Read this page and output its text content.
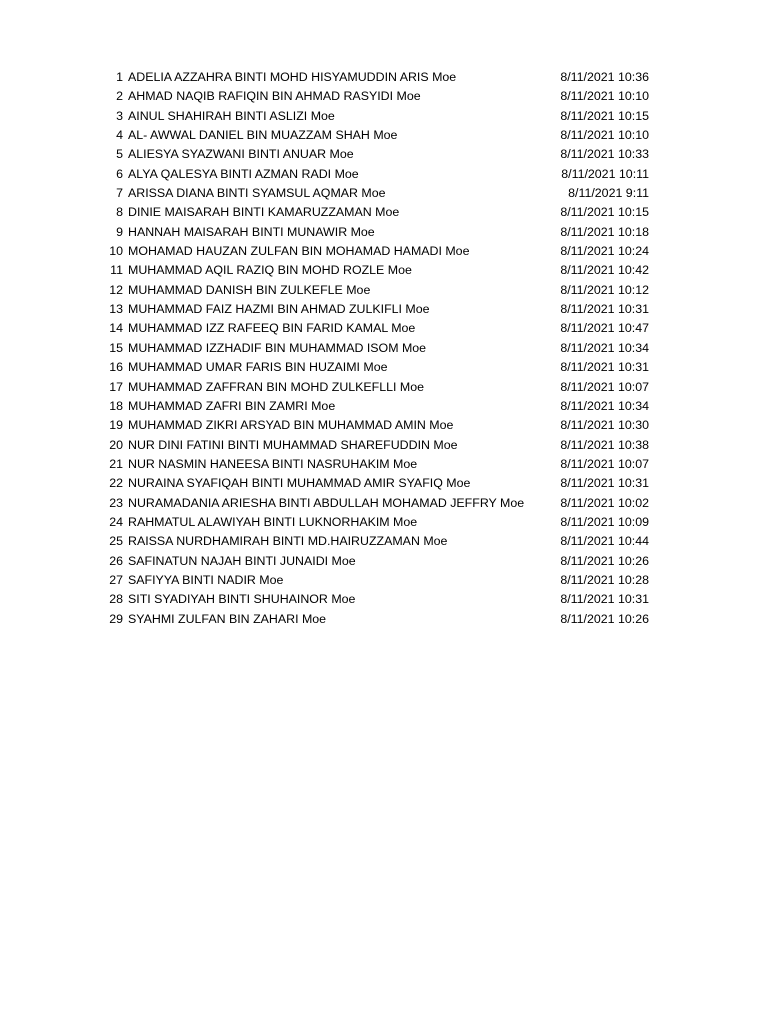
1 ADELIA AZZAHRA BINTI MOHD HISYAMUDDIN ARIS Moe	8/11/2021 10:36
2 AHMAD NAQIB RAFIQIN BIN AHMAD RASYIDI Moe	8/11/2021 10:10
3 AINUL SHAHIRAH BINTI ASLIZI Moe	8/11/2021 10:15
4 AL- AWWAL DANIEL BIN MUAZZAM SHAH Moe	8/11/2021 10:10
5 ALIESYA SYAZWANI BINTI ANUAR Moe	8/11/2021 10:33
6 ALYA QALESYA BINTI AZMAN RADI Moe	8/11/2021 10:11
7 ARISSA DIANA BINTI SYAMSUL AQMAR Moe	8/11/2021 9:11
8 DINIE MAISARAH BINTI KAMARUZZAMAN Moe	8/11/2021 10:15
9 HANNAH MAISARAH BINTI MUNAWIR Moe	8/11/2021 10:18
10 MOHAMAD HAUZAN ZULFAN BIN MOHAMAD HAMADI Moe	8/11/2021 10:24
11 MUHAMMAD AQIL RAZIQ BIN MOHD ROZLE Moe	8/11/2021 10:42
12 MUHAMMAD DANISH BIN ZULKEFLE Moe	8/11/2021 10:12
13 MUHAMMAD FAIZ HAZMI BIN AHMAD ZULKIFLI Moe	8/11/2021 10:31
14 MUHAMMAD IZZ RAFEEQ BIN FARID KAMAL Moe	8/11/2021 10:47
15 MUHAMMAD IZZHADIF BIN MUHAMMAD ISOM Moe	8/11/2021 10:34
16 MUHAMMAD UMAR FARIS BIN HUZAIMI Moe	8/11/2021 10:31
17 MUHAMMAD ZAFFRAN BIN MOHD ZULKEFLLI Moe	8/11/2021 10:07
18 MUHAMMAD ZAFRI BIN ZAMRI Moe	8/11/2021 10:34
19 MUHAMMAD ZIKRI ARSYAD BIN MUHAMMAD AMIN Moe	8/11/2021 10:30
20 NUR DINI FATINI BINTI MUHAMMAD SHAREFUDDIN Moe	8/11/2021 10:38
21 NUR NASMIN HANEESA BINTI NASRUHAKIM Moe	8/11/2021 10:07
22 NURAINA SYAFIQAH BINTI MUHAMMAD AMIR SYAFIQ Moe	8/11/2021 10:31
23 NURAMADANIA ARIESHA BINTI ABDULLAH MOHAMAD JEFFRY Moe	8/11/2021 10:02
24 RAHMATUL ALAWIYAH BINTI LUKNORHAKIM Moe	8/11/2021 10:09
25 RAISSA NURDHAMIRAH BINTI MD.HAIRUZZAMAN Moe	8/11/2021 10:44
26 SAFINATUN NAJAH BINTI JUNAIDI Moe	8/11/2021 10:26
27 SAFIYYA BINTI NADIR Moe	8/11/2021 10:28
28 SITI SYADIYAH BINTI SHUHAINOR Moe	8/11/2021 10:31
29 SYAHMI ZULFAN BIN ZAHARI Moe	8/11/2021 10:26
